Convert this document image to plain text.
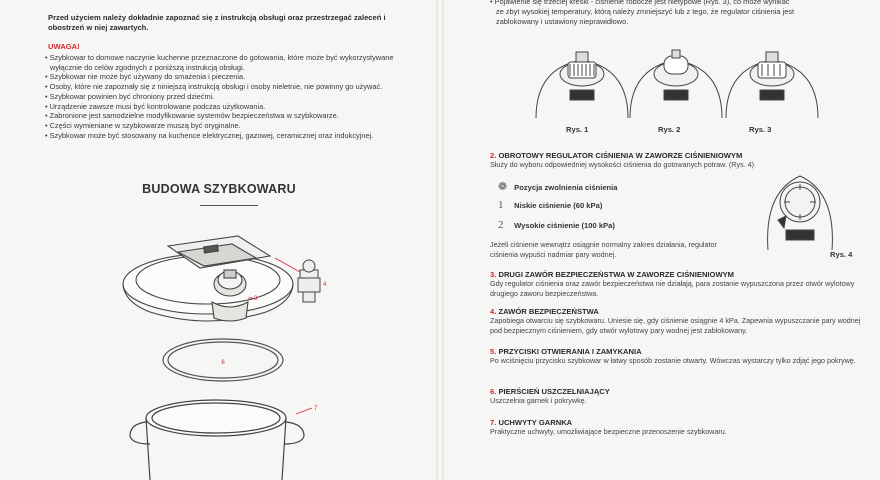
Przed użyciem należy dokładnie zapoznać się z instrukcją obsługi oraz przestrzegać zaleceń i obostrzeń w niej zawartych.
UWAGA!
• Szybkowar to domowe naczynie kuchenne przeznaczone do gotowania, które może być wykorzystywane wyłącznie do celów zgodnych z poniższą instrukcją obsługi.
• Szybkowar nie może być używany do smażenia i pieczenia.
• Osoby, które nie zapoznały się z niniejszą instrukcją obsługi i osoby nieletnie, nie powinny go używać.
• Szybkowar powinien być chroniony przed dziećmi.
• Urządzenie zawsze musi być kontrolowane podczas użytkowania.
• Zabronione jest samodzielne modyfikowanie systemów bezpieczeństwa w szybkowarze.
• Części wymieniane w szybkowarze muszą być oryginalne.
• Szybkowar może być stosowany na kuchence elektrycznej, gazowej, ceramicznej oraz indukcyjnej.
BUDOWA SZYBKOWARU
3
4
6
7
• Pojawienie się trzeciej kreski - ciśnienie robocze jest nietypowe (Rys. 3), co może wynikać
ze zbyt wysokiej temperatury, którą należy zmniejszyć lub z tego, że regulator ciśnienia jest
zablokowany i ustawiony nieprawidłowo.
Rys. 1	Rys. 2	Rys. 3
2. OBROTOWY REGULATOR CIŚNIENIA W ZAWORZE CIŚNIENIOWYM
Służy do wyboru odpowiedniej wysokości ciśnienia do gotowanych potraw. (Rys. 4)
❁ Pozycja zwolnienia ciśnienia
1 Niskie ciśnienie (60 kPa)
2 Wysokie ciśnienie (100 kPa)
Jeżeli ciśnienie wewnątrz osiągnie normalny zakres działania, regulator ciśnienia wypuści nadmiar pary wodnej.	Rys. 4
3. DRUGI ZAWÓR BEZPIECZEŃSTWA W ZAWORZE CIŚNIENIOWYM
Gdy regulator ciśnienia oraz zawór bezpieczeństwa nie działają, para zostanie wypuszczona przez otwór wylotowy drugiego zaworu bezpieczeństwa.
4. ZAWÓR BEZPIECZEŃSTWA
Zapobiega otwarciu się szybkowaru. Uniesie się, gdy ciśnienie osiągnie 4 kPa. Zapewnia wypuszczanie pary wodnej pod bezpiecznym ciśnieniem, gdy otwór wylotowy pary wodnej jest zablokowany.
5. PRZYCISKI OTWIERANIA I ZAMYKANIA
Po wciśnięciu przycisku szybkowar w łatwy sposób zostanie otwarty. Wówczas wystarczy tylko zdjąć jego pokrywę.
6. PIERŚCIEŃ USZCZELNIAJĄCY
Uszczelnia garnek i pokrywkę.
7. UCHWYTY GARNKA
Praktyczne uchwyty, umożliwiające bezpieczne przenoszenie szybkowaru.
